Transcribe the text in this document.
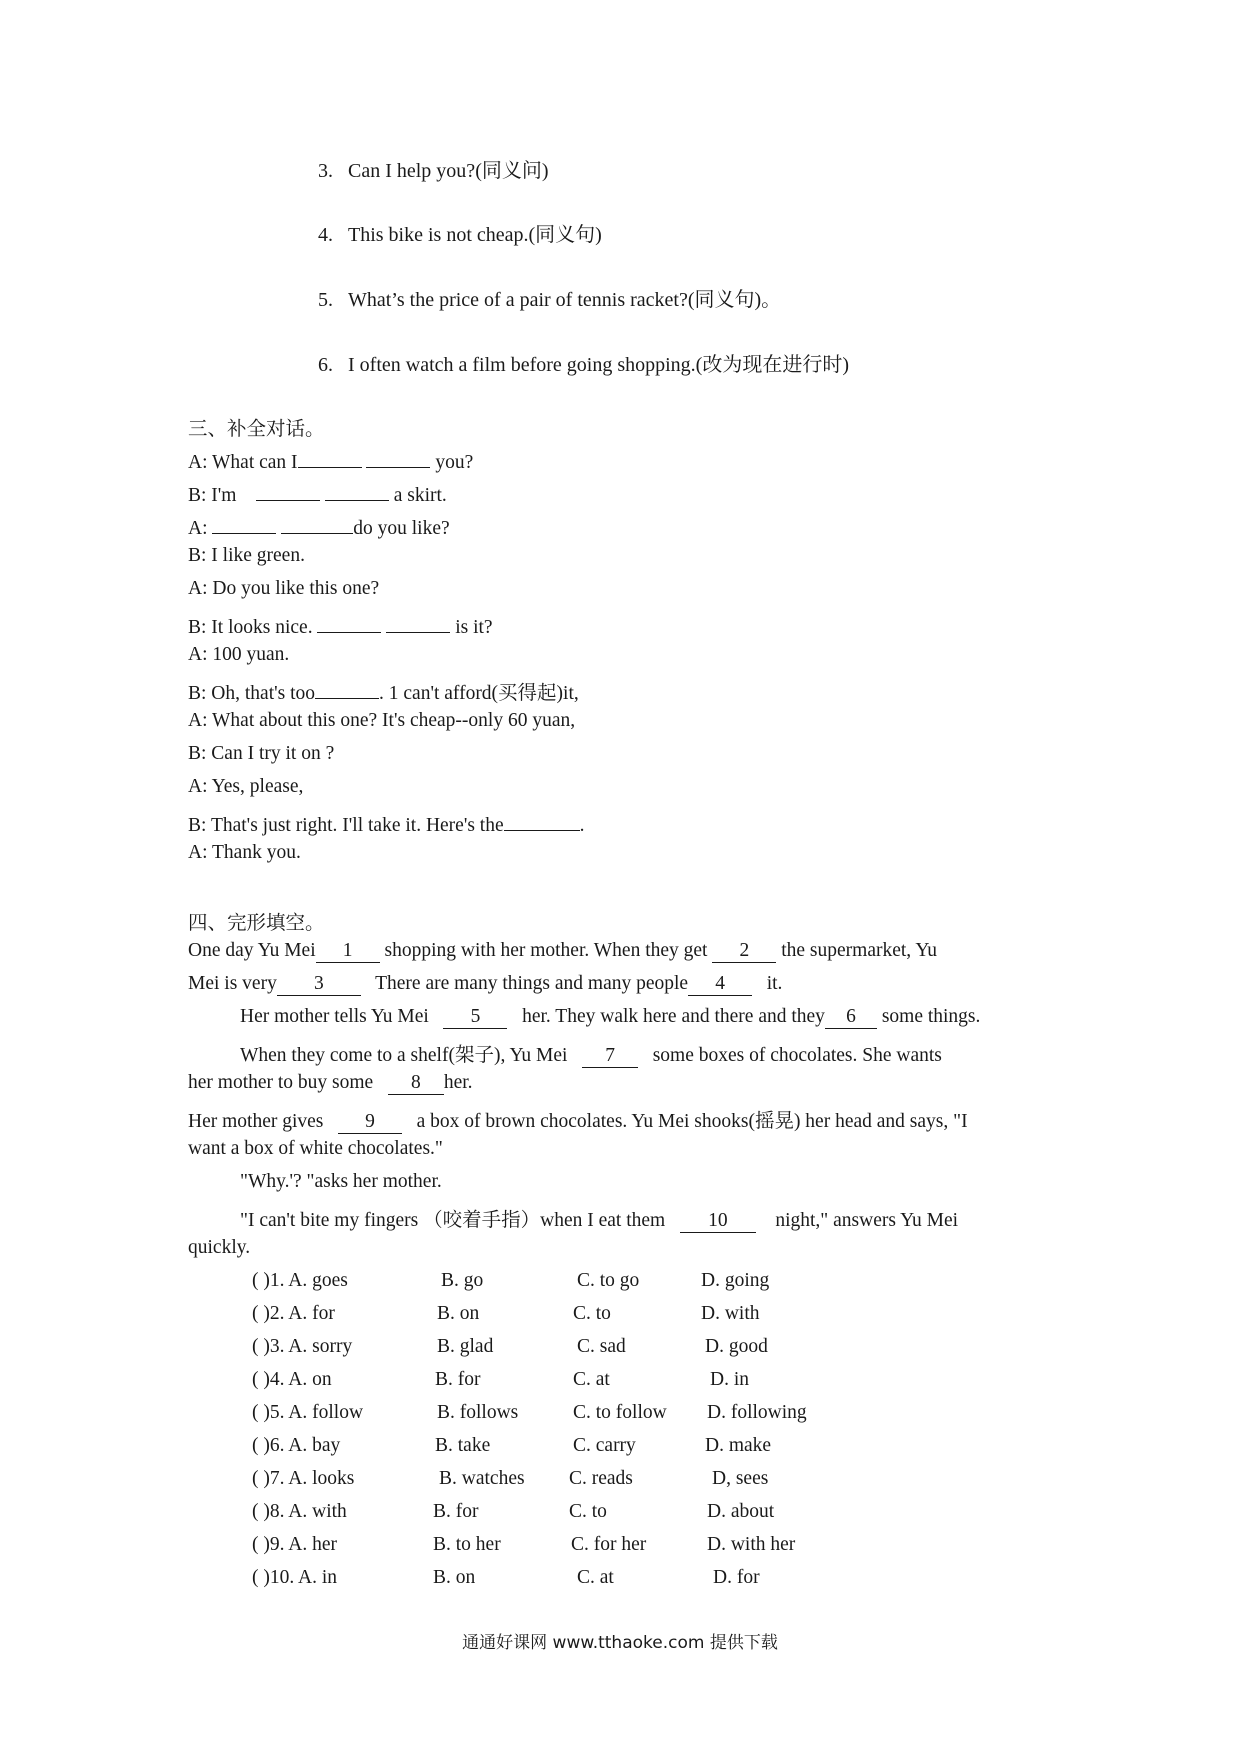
3. Can I help you?(同义问)
4. This bike is not cheap.(同义句)
5. What’s the price of a pair of tennis racket?(同义句)。
6. I often watch a film before going shopping.(改为现在进行时)
三、补全对话。
A: What can I	you?
B: I'm	a skirt.
A:	do you like?
B: I like green.
A: Do you like this one?
B: It looks nice.	is it?
A: 100 yuan.
B: Oh, that's too	. 1 can't afford(买得起)it,
A: What about this one? It's cheap--only 60 yuan,
B: Can I try it on ?
A: Yes, please,
B: That's just right. I'll take it. Here's the	.
A: Thank you.
四、完形填空。
One day Yu Mei 1 shopping with her mother. When they get 2 the supermarket, Yu
Mei is very 3	There are many things and many people 4 it.
Her mother tells Yu Mei 5 her. They walk here and there and they 6 some things.
When they come to a shelf(架子), Yu Mei 7 some boxes of chocolates. She wants
her mother to buy some 8 her.
Her mother gives 9 a box of brown chocolates. Yu Mei shooks(摇晃) her head and says, "I
want a box of white chocolates."
"Why.'? "asks her mother.
"I can't bite my fingers （咬着手指）when I eat them 10 night," answers Yu Mei
quickly.
( )1. A. goes	B. go	C. to go	D. going
( )2. A. for	B. on	C. to	D. with
( )3. A. sorry	B. glad	C. sad	D. good
( )4. A. on	B. for	C. at	D. in
( )5. A. follow	B. follows	C. to follow D. following
( )6. A. bay	B. take	C. carry	D. make
( )7. A. looks	B. watches C. reads	D, sees
( )8. A. with	B. for	C. to	D. about
( )9. A. her	B. to her	C. for her	D. with her
( )10. A. in	B. on	C. at	D. for
通通好课网 www.tthaoke.com 提供下载
